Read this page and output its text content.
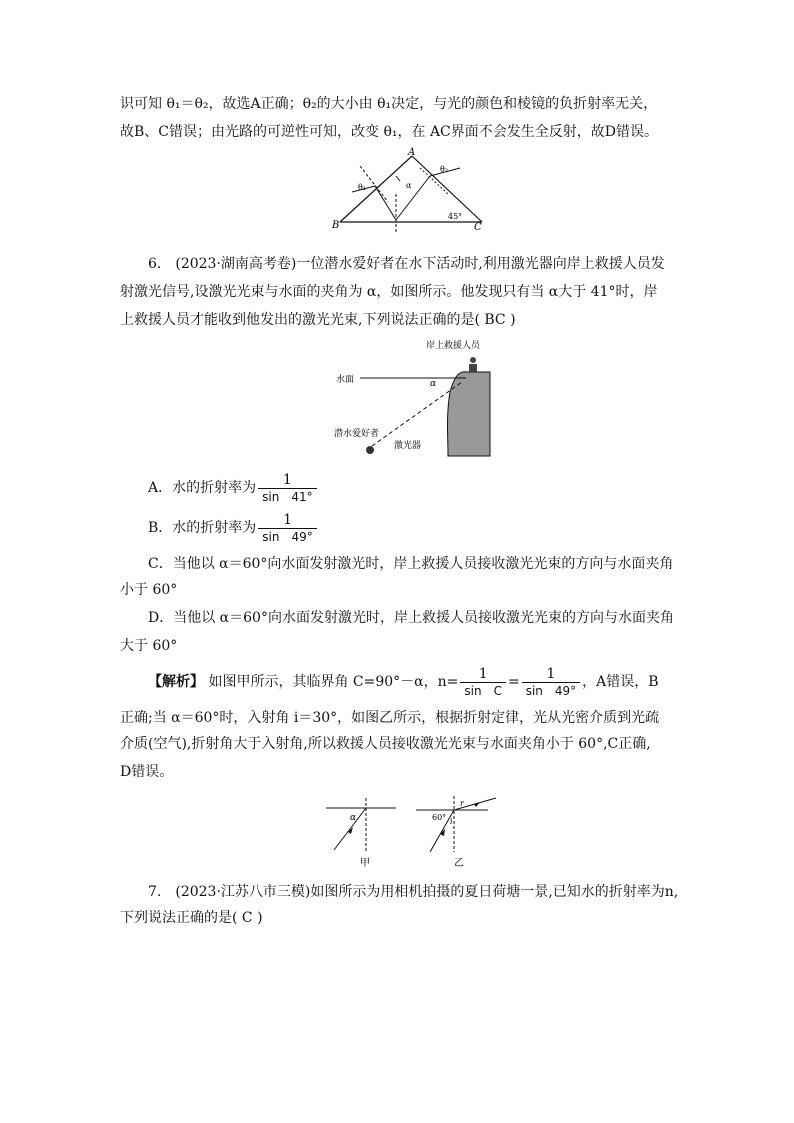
识可知 θ₁＝θ₂，故选A正确；θ₂的大小由 θ₁决定，与光的颜色和棱镜的负折射率无关，
故B、C错误；由光路的可逆性可知，改变 θ₁，在 AC界面不会发生全反射，故D错误。
B
A
C
θ₁
θ₂
α
45°
6.　(2023·湖南高考卷)一位潜水爱好者在水下活动时,利用激光器向岸上救援人员发
射激光信号,设激光光束与水面的夹角为 α，如图所示。他发现只有当 α大于 41°时，岸
上救援人员才能收到他发出的激光光束,下列说法正确的是( BC )
岸上救援人员
水面	α
潜水爱好者
激光器
A．水的折射率为 $\frac{1}{\sin 41^\circ}$
B．水的折射率为 $\frac{1}{\sin 49^\circ}$
C．当他以 α＝60°向水面发射激光时，岸上救援人员接收激光光束的方向与水面夹角
小于 60°
D．当他以 α＝60°向水面发射激光时，岸上救援人员接收激光光束的方向与水面夹角
大于 60°
【解析】 如图甲所示，其临界角 C=90°－α，$n= \frac{1}{\text{sin　C}} = \frac{1}{\sin 49^\circ}$ ，A错误，B
正确;当 α＝60°时，入射角 i＝30°，如图乙所示，根据折射定律，光从光密介质到光疏
介质(空气),折射角大于入射角,所以救援人员接收激光光束与水面夹角小于 60°,C正确,
D错误。
α
甲
60° i
r
乙
7.　(2023·江苏八市三模)如图所示为用相机拍摄的夏日荷塘一景,已知水的折射率为n,
下列说法正确的是( C )
